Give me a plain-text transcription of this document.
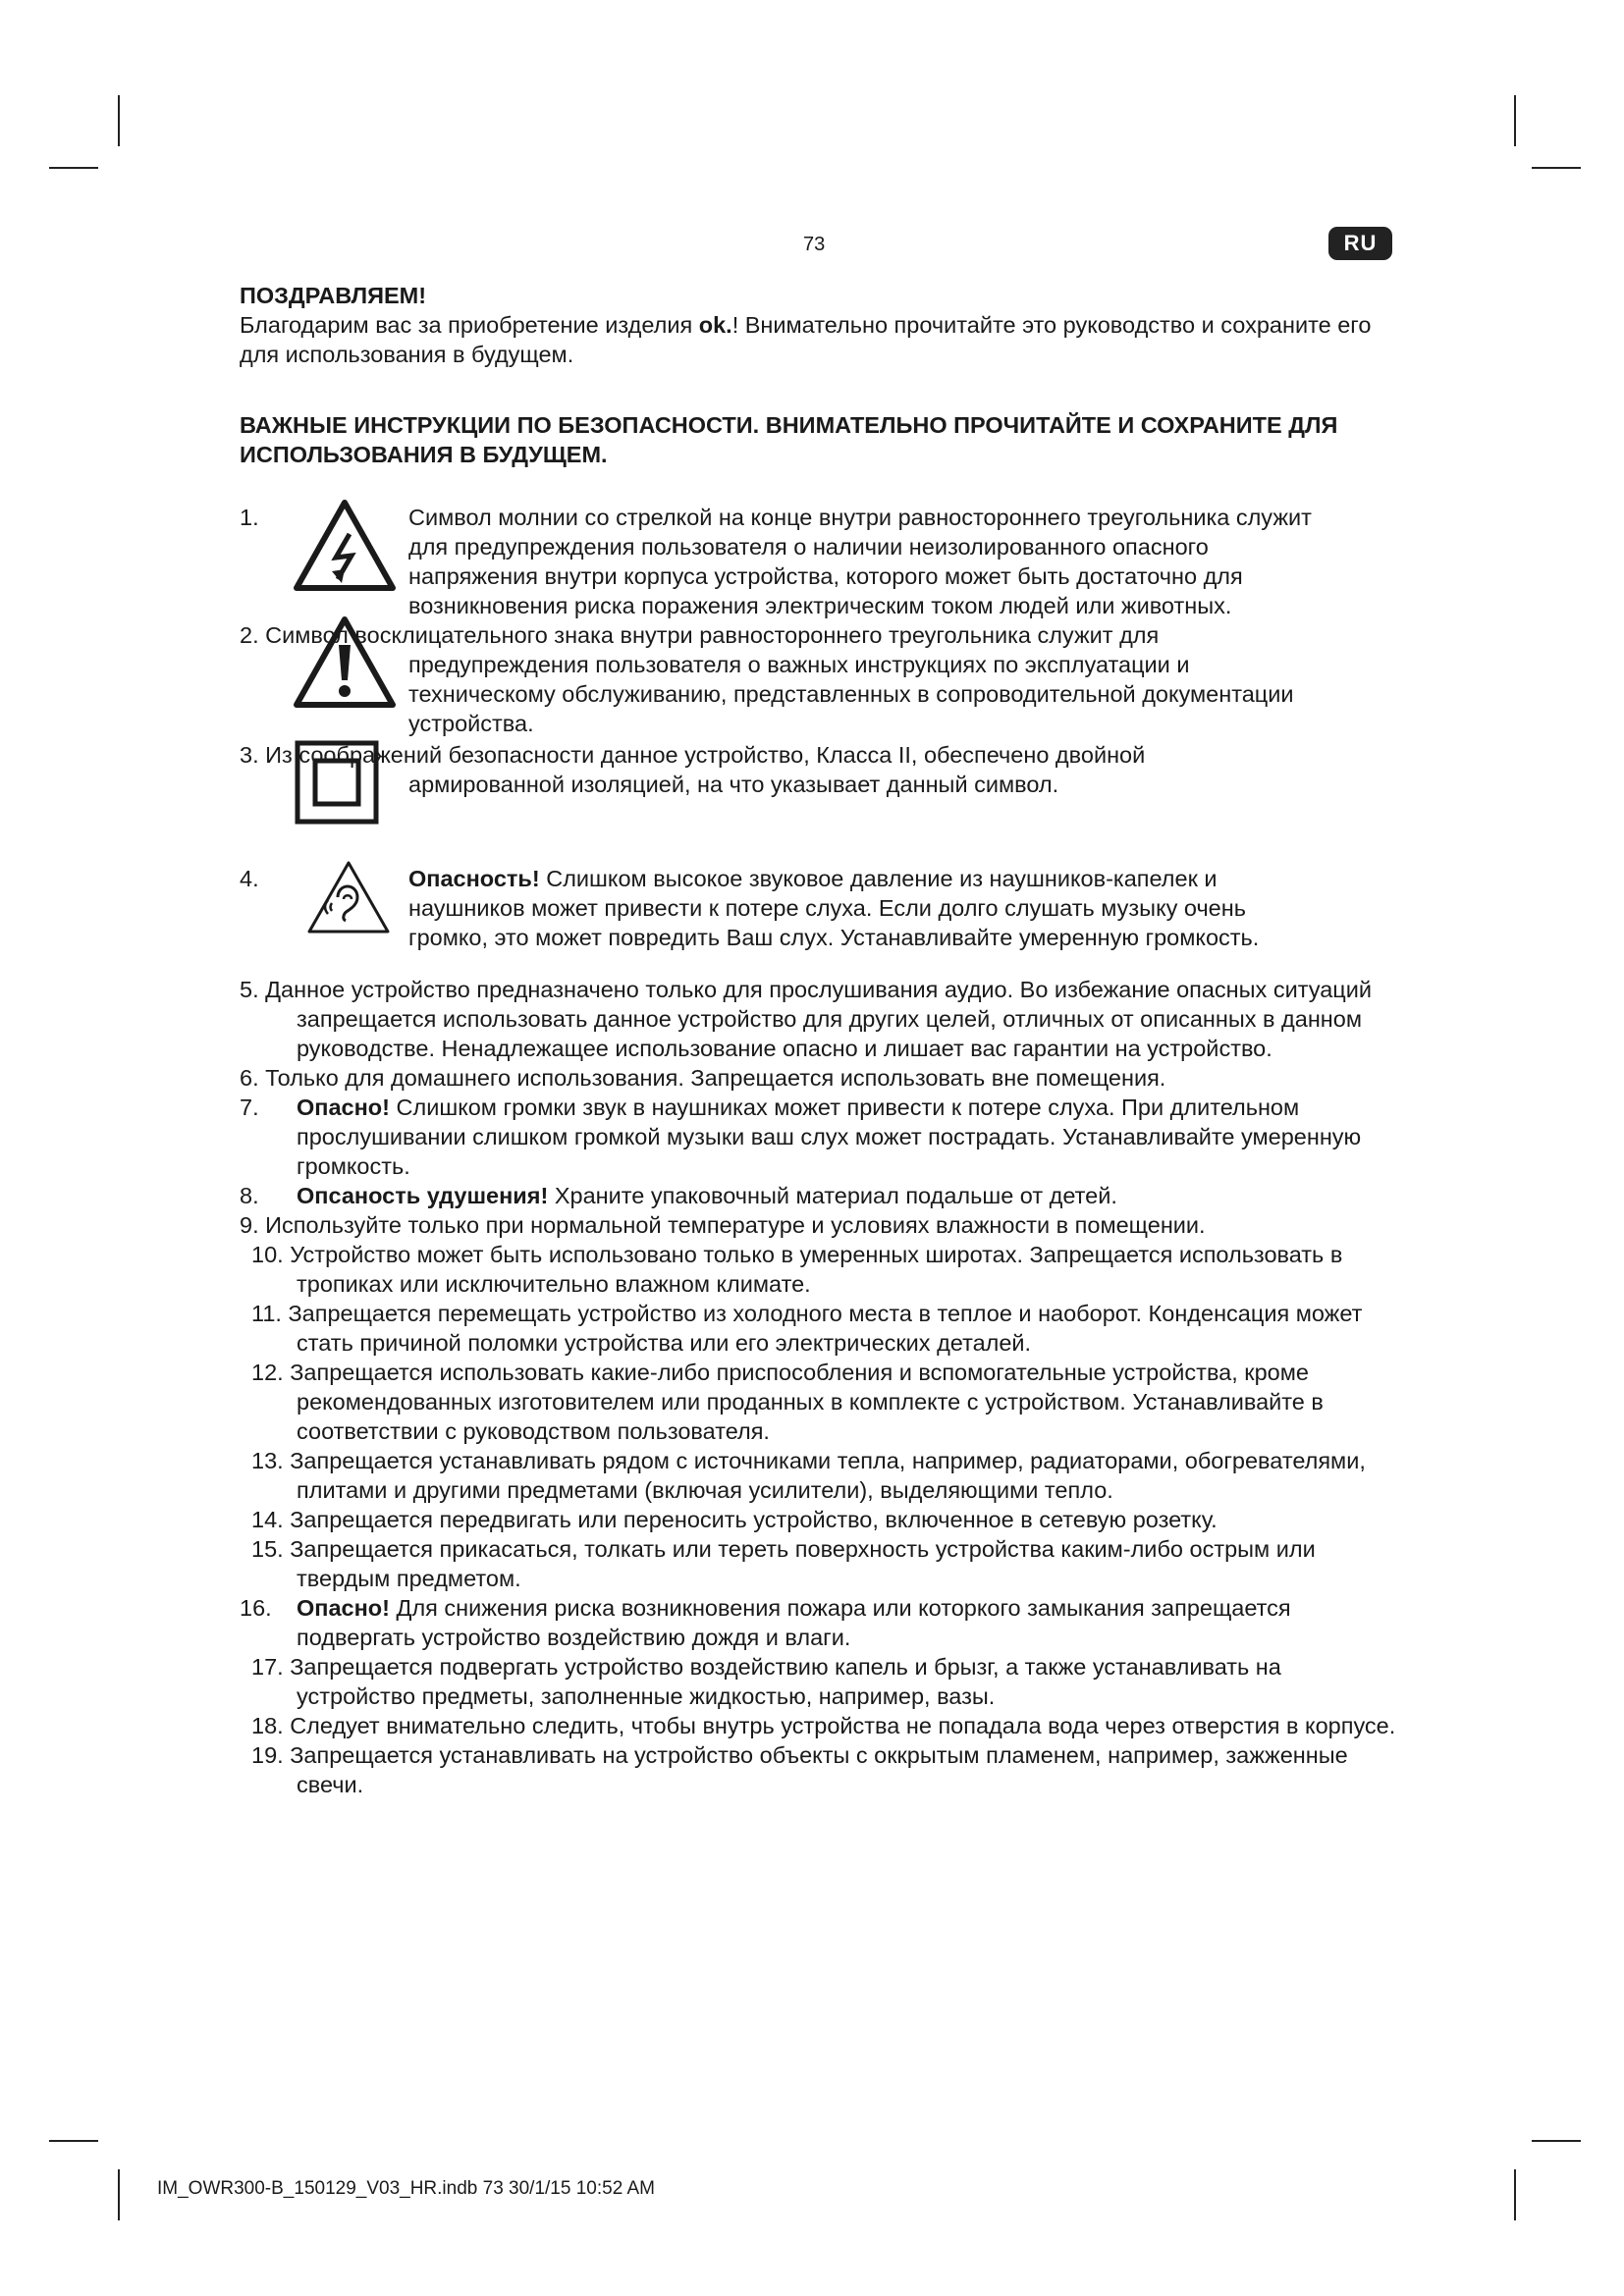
73	RU
ПОЗДРАВЛЯЕМ!
Благодарим вас за приобретение изделия ok.! Внимательно прочитайте это руководство и сохраните его для использования в будущем.
ВАЖНЫЕ ИНСТРУКЦИИ ПО БЕЗОПАСНОСТИ. ВНИМАТЕЛЬНО ПРОЧИТАЙТЕ И СОХРАНИТЕ ДЛЯ ИСПОЛЬЗОВАНИЯ В БУДУЩЕМ.
1.	Символ молнии со стрелкой на конце внутри равностороннего треугольника служит
для предупреждения пользователя о наличии неизолированного опасного
напряжения внутри корпуса устройства, которого может быть достаточно для
возникновения риска поражения электрическим током людей или животных.
2. Символ восклицательного знака внутри равностороннего треугольника служит для
предупреждения пользователя о важных инструкциях по эксплуатации и
техническому обслуживанию, представленных в сопроводительной документации
устройства.
3. Из соображений безопасности данное устройство, Класса II, обеспечено двойной
армированной изоляцией, на что указывает данный символ.
4.	Опасность! Слишком высокое звуковое давление из наушников-капелек и
наушников может привести к потере слуха. Если долго слушать музыку очень
громко, это может повредить Ваш слух. Устанавливайте умеренную громкость.
5. Данное устройство предназначено только для прослушивания аудио. Во избежание опасных ситуаций запрещается использовать данное устройство для других целей, отличных от описанных в данном руководстве. Ненадлежащее использование опасно и лишает вас гарантии на устройство.
6. Только для домашнего использования. Запрещается использовать вне помещения.
7. Опасно! Слишком громки звук в наушниках может привести к потере слуха. При длительном прослушивании слишком громкой музыки ваш слух может пострадать. Устанавливайте умеренную громкость.
8. Опсаность удушения! Храните упаковочный материал подальше от детей.
9. Используйте только при нормальной температуре и условиях влажности в помещении.
10. Устройство может быть использовано только в умеренных широтах. Запрещается использовать в тропиках или исключительно влажном климате.
11. Запрещается перемещать устройство из холодного места в теплое и наоборот. Конденсация может стать причиной поломки устройства или его электрических деталей.
12. Запрещается использовать какие-либо приспособления и вспомогательные устройства, кроме рекомендованных изготовителем или проданных в комплекте с устройством. Устанавливайте в соответствии с руководством пользователя.
13. Запрещается устанавливать рядом с источниками тепла, например, радиаторами, обогревателями, плитами и другими предметами (включая усилители), выделяющими тепло.
14. Запрещается передвигать или переносить устройство, включенное в сетевую розетку.
15. Запрещается прикасаться, толкать или тереть поверхность устройства каким-либо острым или твердым предметом.
16. Опасно! Для снижения риска возникновения пожара или которкого замыкания запрещается подвергать устройство воздействию дождя и влаги.
17. Запрещается подвергать устройство воздействию капель и брызг, а также устанавливать на устройство предметы, заполненные жидкостью, например, вазы.
18. Следует внимательно следить, чтобы внутрь устройства не попадала вода через отверстия в корпусе.
19. Запрещается устанавливать на устройство объекты с оккрытым пламенем, например, зажженные свечи.
IM_OWR300-B_150129_V03_HR.indb 73 30/1/15 10:52 AM
